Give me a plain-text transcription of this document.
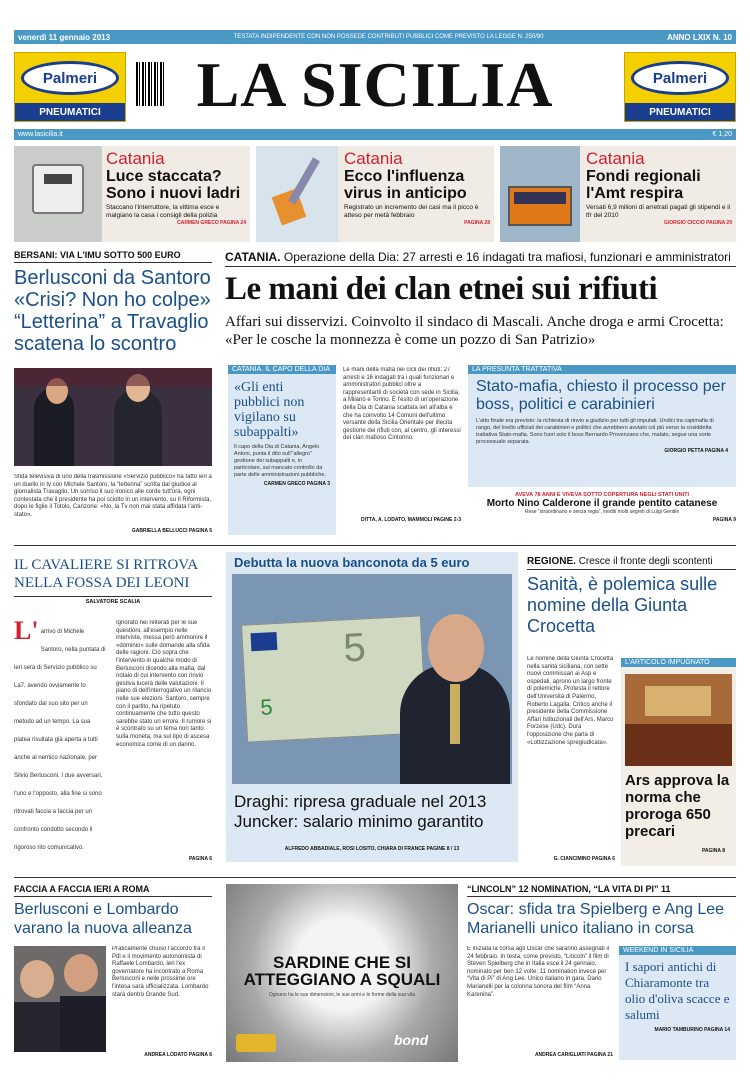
venerdì 11 gennaio 2013	TESTATA INDIPENDENTE CON NON POSSEDE CONTRIBUTI PUBBLICI COME PREVISTO LA LEGGE N. 250/90	ANNO LXIX N. 10
Palmeri
PNEUMATICI	LA SICILIA	Palmeri
PNEUMATICI
www.lasicilia.it	€ 1,20
Catania
Luce staccata? Sono i nuovi ladri
Staccano l'interruttore, la vittima esce e malgiano la casa i consigli della polizia
CARMEN GRECO PAGINA 24
Catania
Ecco l'influenza virus in anticipo
Registrato un incremento dei casi ma il picco è atteso per metà febbraio
PAGINA 28
Catania
Fondi regionali l'Amt respira
Versati 6,9 milioni di arretrati pagati gli stipendi e il tfr del 2010
GIORGIO CICCIO PAGINA 29
BERSANI: VIA L'IMU SOTTO 500 EURO
Berlusconi da Santoro «Crisi? Non ho colpe» “Letterina” a Travaglio scatena lo scontro
Sfida televisiva di uno della trasmissione «Servizio pubblico» ha fatto ieri a un duello in tv con Michele Santoro, la “letterina” scritta dal giudice al giornalista Travaglio. Un sorriso il suo ironico alle corde tutt'ora, ogni contestata che il presidente ha poi sciolto in un intervento, su Il Riformista, dopo le figlie il Totolo, Canzone: «No, la Tv non mai stata affidata l'anti-stato».
GABRIELLA BELLUCCI PAGINA 5
CATANIA. Operazione della Dia: 27 arresti e 16 indagati tra mafiosi, funzionari e amministratori
Le mani dei clan etnei sui rifiuti
Affari sui disservizi. Coinvolto il sindaco di Mascali. Anche droga e armi Crocetta: «Per le cosche la monnezza è come un pozzo di San Patrizio»
CATANIA. IL CAPO DELLA DIA
«Gli enti pubblici non vigilano su subappalti»
Il capo della Dia di Catania, Angelo Antoni, punta il dito sull'“allegro” gestione dei subappalti e, in particolare, sul mancato controllo da parte delle amministrazioni pubbliche.
CARMEN GRECO PAGINA 3
Le mani della mafia nei cicli dei rifiuti: 27 arresti e 16 indagati tra i quali funzionari e amministratori pubblici oltre a rappresentanti di società con sede in Sicilia, a Milano e Torino. È l'esito di un'operazione della Dia di Catania scattata ieri all'alba e che ha coinvolto 14 Comuni dell'ultimo versante della Sicilia Orientale per illecita gestione dei rifiuti con, al centro, gli interessi del clan mafioso Cintorino.
DITTA, A. LODATO, MAMMOLI PAGINE 2-3
LA PRESUNTA TRATTATIVA
Stato-mafia, chiesto il processo per boss, politici e carabinieri
L'atto finale era previsto: la richiesta di rinvio a giudizio per tutti gli imputati. Undici tra capimafia di rango, del livello ufficiali dei carabinieri e politici che avrebbero avviato col più verso la cosiddetta trattativa Stato-mafia. Sono fuori solo il boss Bernardo Provenzano che, malato, segue una sorte processuale separata.
GIORGIO PETTA PAGINA 4
AVEVA 78 ANNI E VIVEVA SOTTO COPERTURA NEGLI STATI UNITI
Morto Nino Calderone il grande pentito catanese
Rese “straordinario e senza regia”, inediti molti segreti di Luigi Gentile
PAGINA 9
IL CAVALIERE SI RITROVA NELLA FOSSA DEI LEONI
SALVATORE SCALIA
L' arrivo di Michele Santoro, nella puntata di ieri sera di Servizio pubblico su La7, avendo ovviamente lo sfondato dal suo sito per un metodo ad un tempo. La sua platea risultata già aperta a tutti anche al nemico nazionale, per Silvio Berlusconi. I due avversari, l'uno e l'opposto, alla fine si sono ritrovati faccia a faccia per un confronto condotto secondo il rigoroso rito comunicativo.
Ignorato nei reiterati per le sue questioni, all'esempio nelle interviste, messa però ammonire il «dominio» sulle domande alla sfida delle ragioni. Ciò sopra che l'intervento in qualche modo di Berlusconi dicendo alla mafia, dal notaio di cui intervento con rinvio gestiva lucerà delle valutazioni. Il piano di dell'interrogativo un rilancio nelle sue elezioni. Santoro, sempre con il partito, ha ripetuto continuamente che tutto questo sarebbe stato un errore. Il rumore si è scontrato su un tema non tanto sulla moneta, ma sul tipo di ascesa economica come di un danno.
PAGINA 6
Debutta la nuova banconota da 5 euro
5
5
Draghi: ripresa graduale nel 2013 Juncker: salario minimo garantito
ALFREDO ABBADIALE, ROSI LOSITO, CHIARA DI FRANCE PAGINE 8 / 13
REGIONE. Cresce il fronte degli scontenti
Sanità, è polemica sulle nomine della Giunta Crocetta
Le nomine della Giunta Crocetta nella sanità siciliana, con sette nuovi commissari ai Asp e ospedali, aprono un largo fronte di polemiche. Protesta il rettore dell'Università di Palermo, Roberto Lagalla. Critico anche il presidente della Commissione Affari Istituzionali dell'Ars, Marco Forzese (Udc). Dura l'opposizione che parla di «Lottizzazione spregiudicata».
G. CIANCIMINO PAGINA 6
L'ARTICOLO IMPUGNATO
Ars approva la norma che proroga 650 precari
PAGINA 8
FACCIA A FACCIA IERI A ROMA
Berlusconi e Lombardo varano la nuova alleanza
Praticamente chiuso l'accordo tra il Pdl e il movimento autonomista di Raffaele Lombardo. Ieri l'ex governatore ha incontrato a Roma Berlusconi e nelle prossime ore l'intesa sarà ufficializzata. Lombardo starà dentro Grande Sud.
ANDREA LODATO PAGINA 6
SARDINE CHE SI ATTEGGIANO A SQUALI
Ognuno ha le sue dimensioni, le sue armi e le forme della sua vita
bond
“LINCOLN” 12 NOMINATION, “LA VITA DI PI” 11
Oscar: sfida tra Spielberg e Ang Lee Marianelli unico italiano in corsa
È iniziata la corsa agli Oscar che saranno assegnati il 24 febbraio. In testa, come previsto, “Lincoln” il film di Steven Spielberg che in Italia esce il 24 gennaio, nominato per ben 12 volte; 11 nomination invece per “Vita di Pi” di Ang Lee. Unico italiano in gara, Dario Marianelli per la colonna sonora del film “Anna Karenina”.
ANDREA CARIGLIATI PAGINA 21
WEEKEND IN SICILIA
I sapori antichi di Chiaramonte tra olio d'oliva scacce e salumi
MARIO TAMBURINO PAGINA 14
